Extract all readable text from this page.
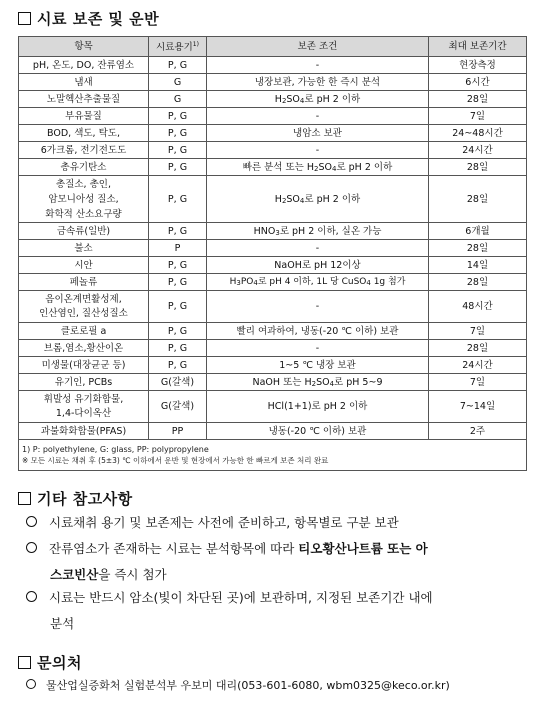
시료 보존 및 운반
항목	시료용기$^{1)}$	보존 조건	최대 보존기간
pH, 온도, DO, 잔류염소	P, G	-	현장측정
냄새	G	냉장보관, 가능한 한 즉시 분석	6시간
노말헥산추출물질	G	$H_2SO_4$로 pH 2 이하	28일
부유물질	P, G	-	7일
BOD, 색도, 탁도,	P, G	냉암소 보관	24~48시간
6가크롬, 전기전도도	P, G	-	24시간
총유기탄소	P, G	빠른 분석 또는 $H_2SO_4$로 pH 2 이하	28일

총질소, 총인,
암모니아성 질소,
화학적 산소요구량	P, G	$H_2SO_4$로 pH 2 이하	28일
금속류(일반)	P, G	$HNO_3$로 pH 2 이하, 실온 가능	6개월
불소	P	-	28일
시안	P, G	NaOH로 pH 12이상	14일
페놀류	P, G	$H_3PO_4$로 pH 4 이하, 1L 당 CuSO$_4$ 1g 첨가	28일

음이온계면활성제,
인산염인, 질산성질소	P, G	-	48시간
클로로필 a	P, G	빨리 여과하여, 냉동(-20 ℃ 이하) 보관	7일
브롬,염소,황산이온	P, G	-	28일
미생물(대장균군 등)	P, G	1~5 ℃ 냉장 보관	24시간
유기인, PCBs	G(갈색)	NaOH 또는 $H_2SO_4$로 pH 5~9	7일

휘발성 유기화합물,
1,4-다이옥산	G(갈색)	HCl(1+1)로 pH 2 이하	7~14일
과불화화합물(PFAS)	PP	냉동(-20 ℃ 이하) 보관	2주

1) P: polyethylene, G: glass, PP: polypropylene
※ 모든 시료는 채취 후 (5±3) ℃ 이하에서 운반 및 현장에서 가능한 한 빠르게 보존 처리 완료			
기타 참고사항
시료채취 용기 및 보존제는 사전에 준비하고, 항목별로 구분 보관
잔류염소가 존재하는 시료는 분석항목에 따라 티오황산나트륨 또는 아
스코빈산을 즉시 첨가
시료는 반드시 암소(빛이 차단된 곳)에 보관하며, 지정된 보존기간 내에
분석
문의처
물산업실증화처 실험분석부 우보미 대리(053-601-6080, wbm0325@keco.or.kr)
